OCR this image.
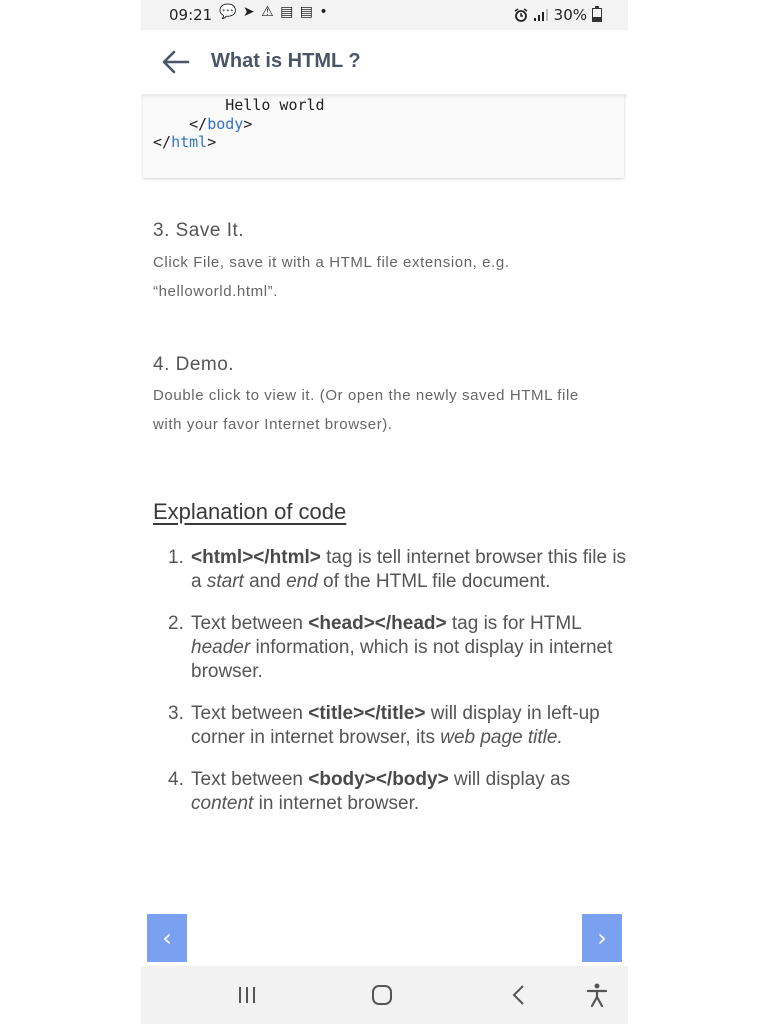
09:21 💬 ➤ ⚠ ▤ ▤ •	30%
What is HTML ?
Hello world
</body>
</html>
3. Save It.
Click File, save it with a HTML file extension, e.g. “helloworld.html”.
4. Demo.
Double click to view it. (Or open the newly saved HTML file with your favor Internet browser).
Explanation of code
1. <html></html> tag is tell internet browser this file is a start and end of the HTML file document.
2. Text between <head></head> tag is for HTML header information, which is not display in internet browser.
3. Text between <title></title> will display in left-up corner in internet browser, its web page title.
4. Text between <body></body> will display as content in internet browser.
‹	›
